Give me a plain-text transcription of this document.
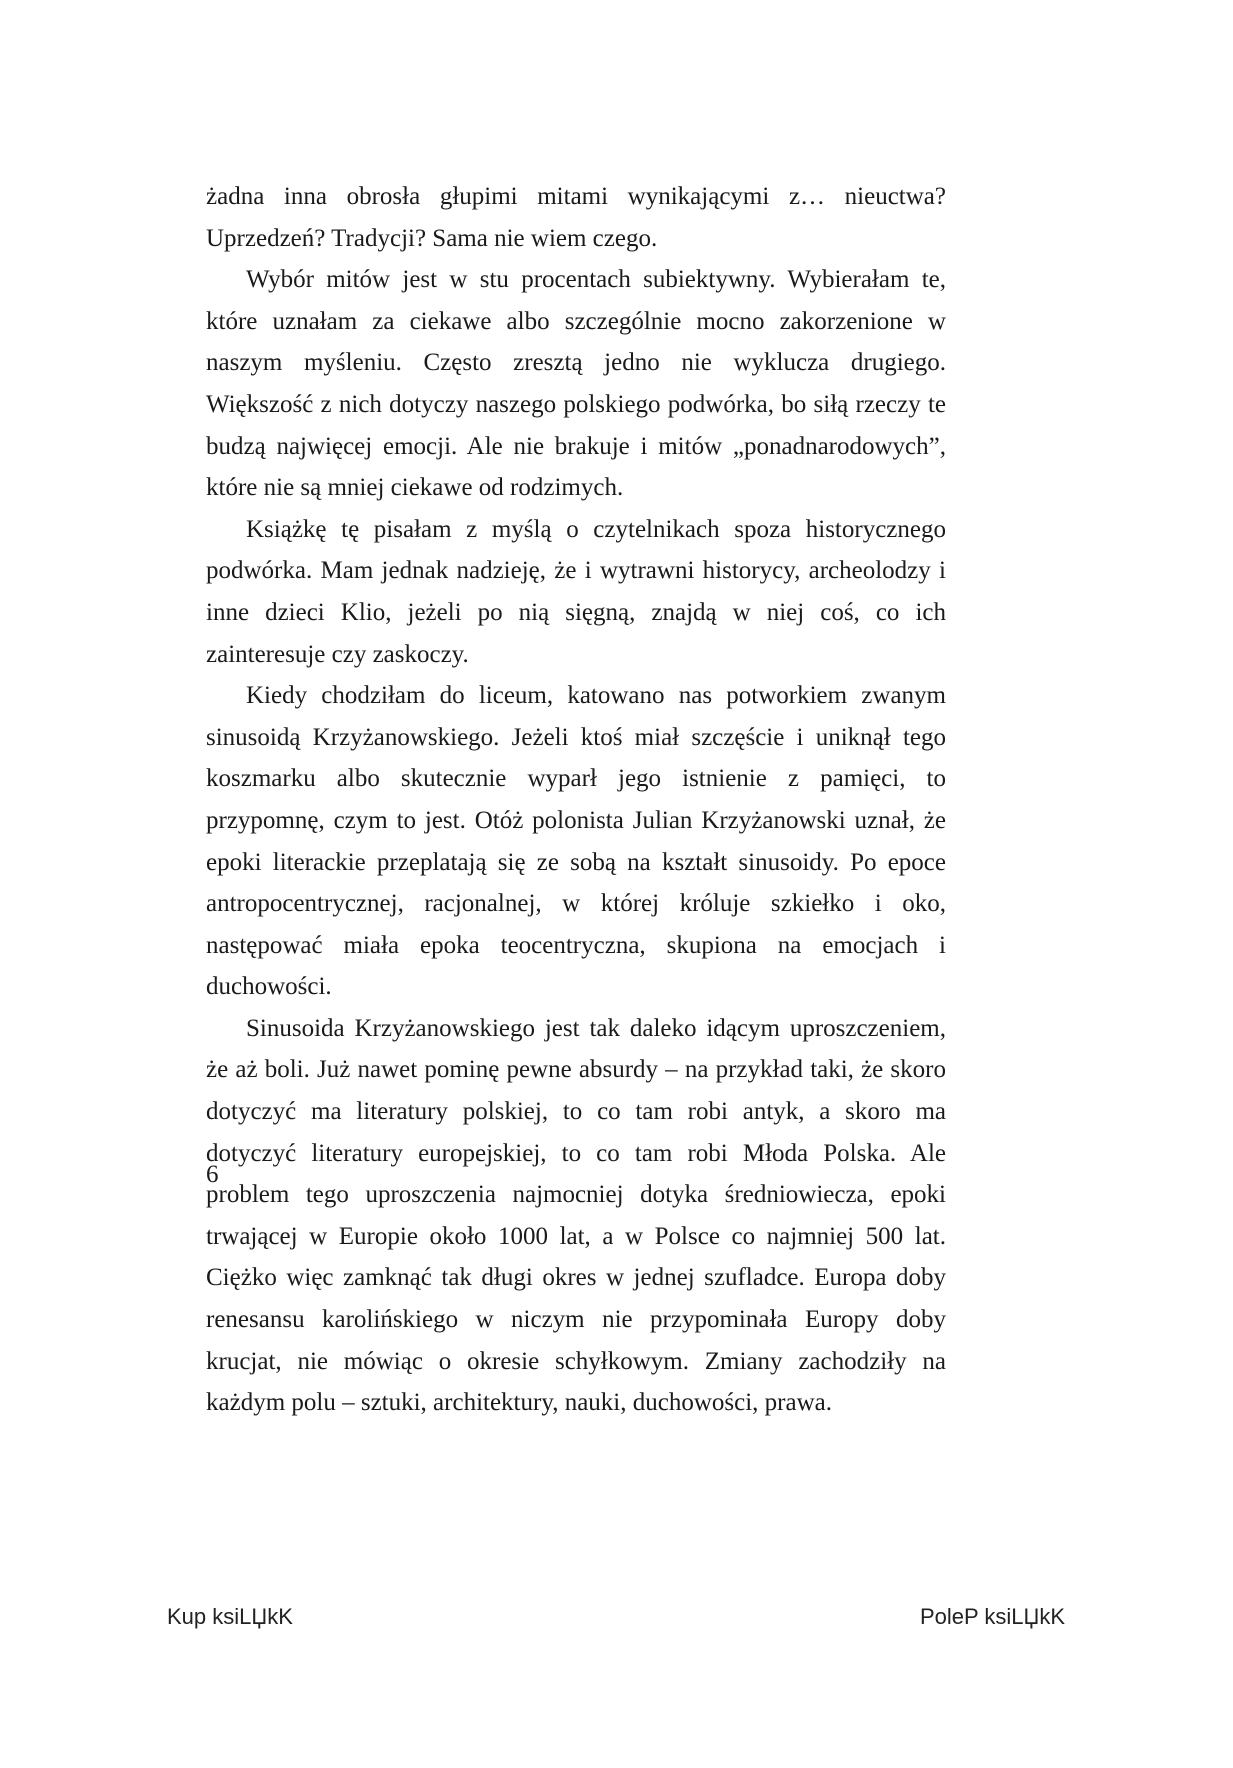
żadna inna obrosła głupimi mitami wynikającymi z… nieuctwa? Uprzedzeń? Tradycji? Sama nie wiem czego.

Wybór mitów jest w stu procentach subiektywny. Wybierałam te, które uznałam za ciekawe albo szczególnie mocno zakorzenione w naszym myśleniu. Często zresztą jedno nie wyklucza drugiego. Większość z nich dotyczy naszego polskiego podwórka, bo siłą rzeczy te budzą najwięcej emocji. Ale nie brakuje i mitów „ponadnarodowych”, które nie są mniej ciekawe od rodzimych.

Książkę tę pisałam z myślą o czytelnikach spoza historycznego podwórka. Mam jednak nadzieję, że i wytrawni historycy, archeolodzy i inne dzieci Klio, jeżeli po nią sięgną, znajdą w niej coś, co ich zainteresuje czy zaskoczy.

Kiedy chodziłam do liceum, katowano nas potworkiem zwanym sinusoidą Krzyżanowskiego. Jeżeli ktoś miał szczęście i uniknął tego koszmarku albo skutecznie wyparł jego istnienie z pamięci, to przypomnę, czym to jest. Otóż polonista Julian Krzyżanowski uznał, że epoki literackie przeplatają się ze sobą na kształt sinusoidy. Po epoce antropocentrycznej, racjonalnej, w której króluje szkiełko i oko, następować miała epoka teocentryczna, skupiona na emocjach i duchowości.

Sinusoida Krzyżanowskiego jest tak daleko idącym uproszczeniem, że aż boli. Już nawet pominę pewne absurdy – na przykład taki, że skoro dotyczyć ma literatury polskiej, to co tam robi antyk, a skoro ma dotyczyć literatury europejskiej, to co tam robi Młoda Polska. Ale problem tego uproszczenia najmocniej dotyka średniowiecza, epoki trwającej w Europie około 1000 lat, a w Polsce co najmniej 500 lat. Ciężko więc zamknąć tak długi okres w jednej szufladce. Europa doby renesansu karolińskiego w niczym nie przypominała Europy doby krucjat, nie mówiąc o okresie schyłkowym. Zmiany zachodziły na każdym polu – sztuki, architektury, nauki, duchowości, prawa.

6
Kup ksiLЏkK	PoleP ksiLЏkK
